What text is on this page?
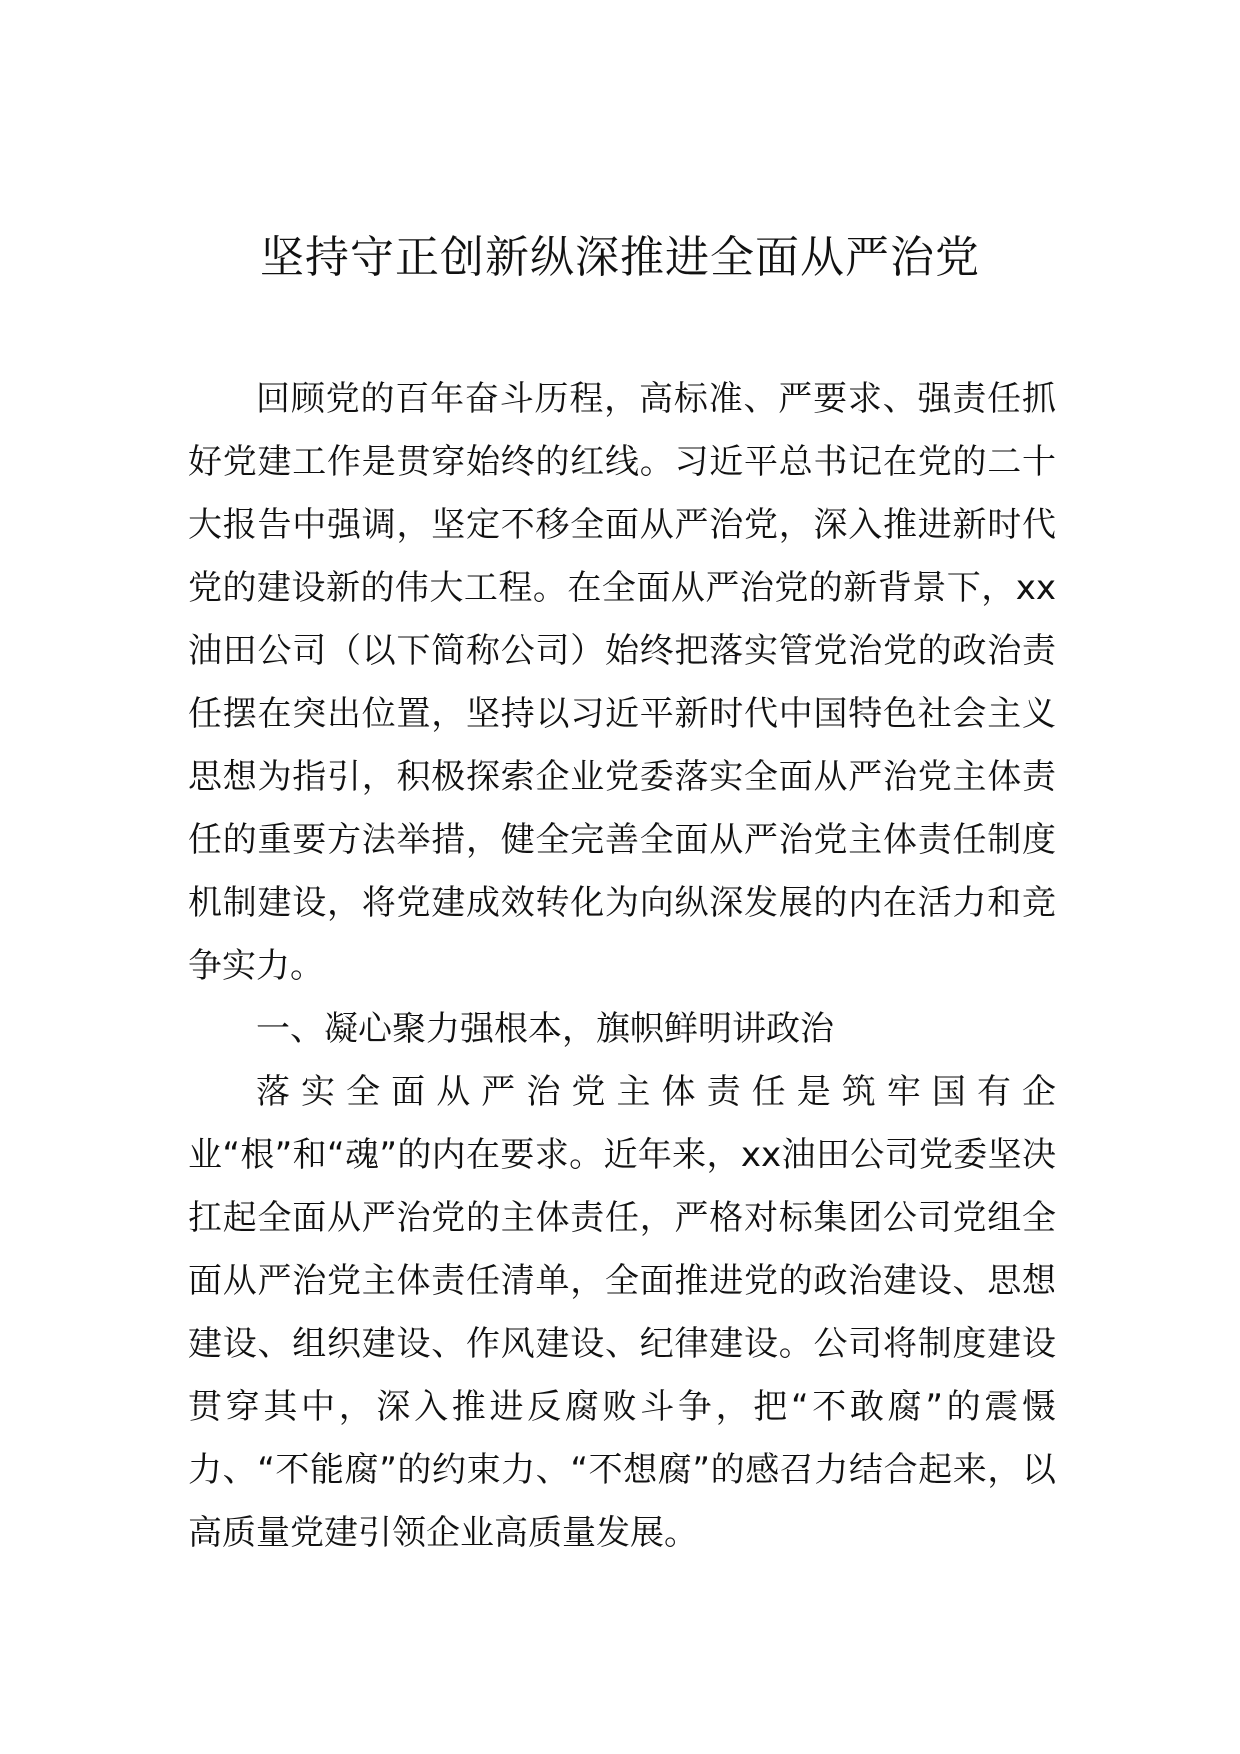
坚持守正创新纵深推进全面从严治党

回顾党的百年奋斗历程，高标准、严要求、强责任抓好党建工作是贯穿始终的红线。习近平总书记在党的二十大报告中强调，坚定不移全面从严治党，深入推进新时代党的建设新的伟大工程。在全面从严治党的新背景下，xx油田公司（以下简称公司）始终把落实管党治党的政治责任摆在突出位置，坚持以习近平新时代中国特色社会主义思想为指引，积极探索企业党委落实全面从严治党主体责任的重要方法举措，健全完善全面从严治党主体责任制度机制建设，将党建成效转化为向纵深发展的内在活力和竞争实力。

一、凝心聚力强根本，旗帜鲜明讲政治

落实全面从严治党主体责任是筑牢国有企业“根”和“魂”的内在要求。近年来，xx油田公司党委坚决扛起全面从严治党的主体责任，严格对标集团公司党组全面从严治党主体责任清单，全面推进党的政治建设、思想建设、组织建设、作风建设、纪律建设。公司将制度建设贯穿其中，深入推进反腐败斗争，把“不敢腐”的震慑力、“不能腐”的约束力、“不想腐”的感召力结合起来，以高质量党建引领企业高质量发展。
